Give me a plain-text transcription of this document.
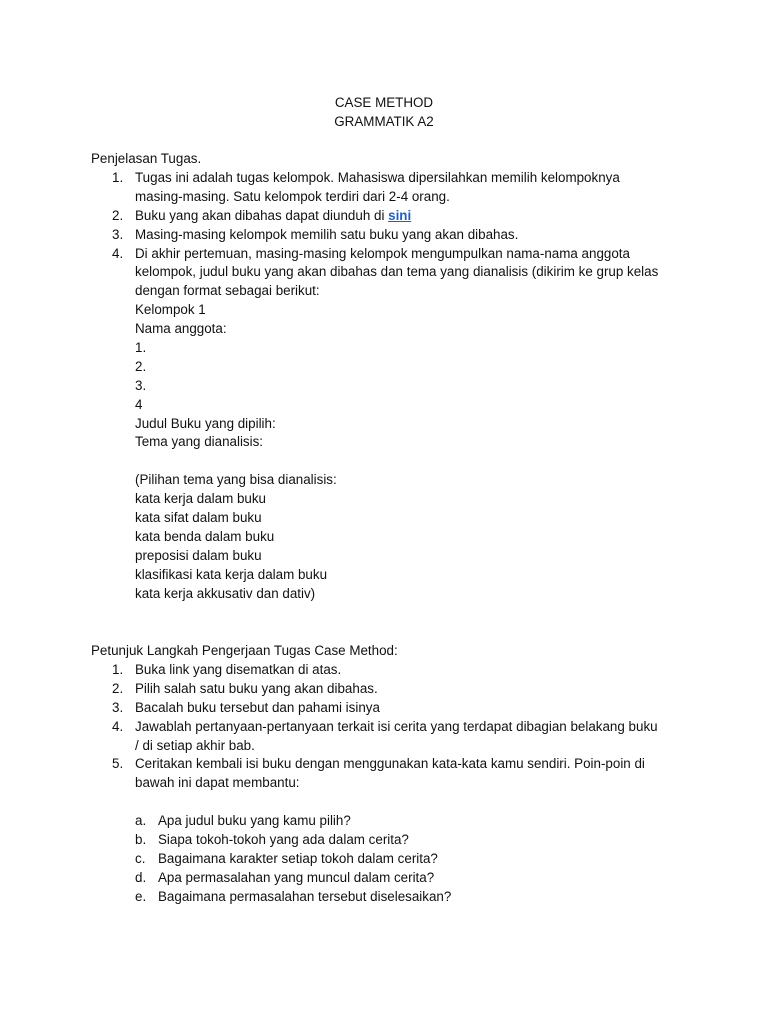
CASE METHOD
GRAMMATIK A2
Penjelasan Tugas.
1. Tugas ini adalah tugas kelompok. Mahasiswa dipersilahkan memilih kelompoknya
masing-masing. Satu kelompok terdiri dari 2-4 orang.
2. Buku yang akan dibahas dapat diunduh di sini
3. Masing-masing kelompok memilih satu buku yang akan dibahas.
4. Di akhir pertemuan, masing-masing kelompok mengumpulkan nama-nama anggota
kelompok, judul buku yang akan dibahas dan tema yang dianalisis (dikirim ke grup kelas
dengan format sebagai berikut:
Kelompok 1
Nama anggota:
1.
2.
3.
4
Judul Buku yang dipilih:
Tema yang dianalisis:
(Pilihan tema yang bisa dianalisis:
kata kerja dalam buku
kata sifat dalam buku
kata benda dalam buku
preposisi dalam buku
klasifikasi kata kerja dalam buku
kata kerja akkusativ dan dativ)
Petunjuk Langkah Pengerjaan Tugas Case Method:
1. Buka link yang disematkan di atas.
2. Pilih salah satu buku yang akan dibahas.
3. Bacalah buku tersebut dan pahami isinya
4. Jawablah pertanyaan-pertanyaan terkait isi cerita yang terdapat dibagian belakang buku
/ di setiap akhir bab.
5. Ceritakan kembali isi buku dengan menggunakan kata-kata kamu sendiri. Poin-poin di
bawah ini dapat membantu:
a. Apa judul buku yang kamu pilih?
b. Siapa tokoh-tokoh yang ada dalam cerita?
c. Bagaimana karakter setiap tokoh dalam cerita?
d. Apa permasalahan yang muncul dalam cerita?
e. Bagaimana permasalahan tersebut diselesaikan?
